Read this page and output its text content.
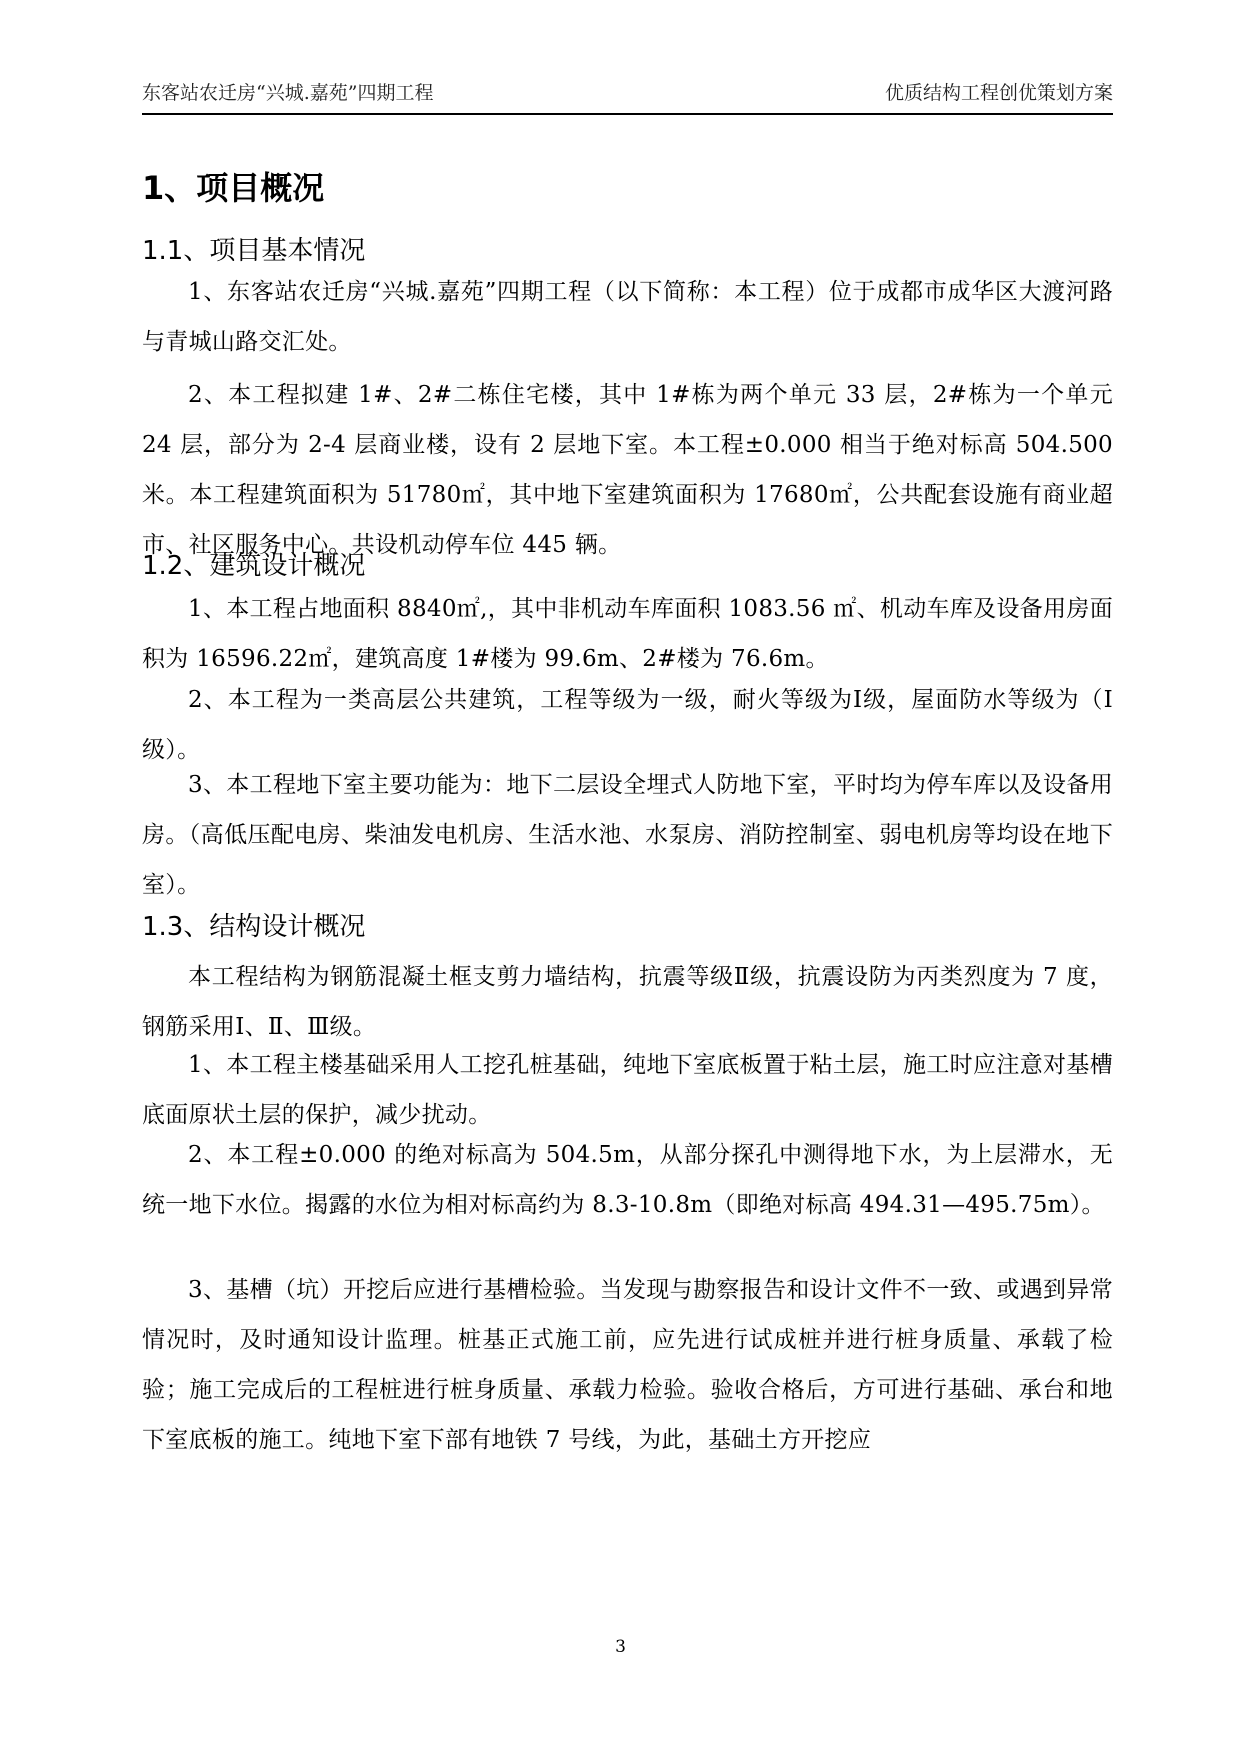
东客站农迁房“兴城.嘉苑”四期工程	优质结构工程创优策划方案
1、项目概况
1.1、项目基本情况
1、东客站农迁房“兴城.嘉苑”四期工程（以下简称：本工程）位于成都市成华区大渡河路与青城山路交汇处。
2、本工程拟建 1#、2#二栋住宅楼，其中 1#栋为两个单元 33 层，2#栋为一个单元 24 层，部分为 2-4 层商业楼，设有 2 层地下室。本工程±0.000 相当于绝对标高 504.500 米。本工程建筑面积为 51780㎡，其中地下室建筑面积为 17680㎡，公共配套设施有商业超市、社区服务中心。共设机动停车位 445 辆。
1.2、建筑设计概况
1、本工程占地面积 8840㎡,，其中非机动车库面积 1083.56 ㎡、机动车库及设备用房面积为 16596.22㎡，建筑高度 1#楼为 99.6m、2#楼为 76.6m。
2、本工程为一类高层公共建筑，工程等级为一级，耐火等级为Ⅰ级，屋面防水等级为（Ⅰ级）。
3、本工程地下室主要功能为：地下二层设全埋式人防地下室，平时均为停车库以及设备用房。（高低压配电房、柴油发电机房、生活水池、水泵房、消防控制室、弱电机房等均设在地下室）。
1.3、结构设计概况
本工程结构为钢筋混凝土框支剪力墙结构，抗震等级Ⅱ级，抗震设防为丙类烈度为 7 度，钢筋采用Ⅰ、Ⅱ、Ⅲ级。
1、本工程主楼基础采用人工挖孔桩基础，纯地下室底板置于粘土层，施工时应注意对基槽底面原状土层的保护，减少扰动。
2、本工程±0.000 的绝对标高为 504.5m，从部分探孔中测得地下水，为上层滞水，无统一地下水位。揭露的水位为相对标高约为 8.3-10.8m（即绝对标高 494.31—495.75m）。
3、基槽（坑）开挖后应进行基槽检验。当发现与勘察报告和设计文件不一致、或遇到异常情况时，及时通知设计监理。桩基正式施工前，应先进行试成桩并进行桩身质量、承载了检验；施工完成后的工程桩进行桩身质量、承载力检验。验收合格后，方可进行基础、承台和地下室底板的施工。纯地下室下部有地铁 7 号线，为此，基础土方开挖应
3
